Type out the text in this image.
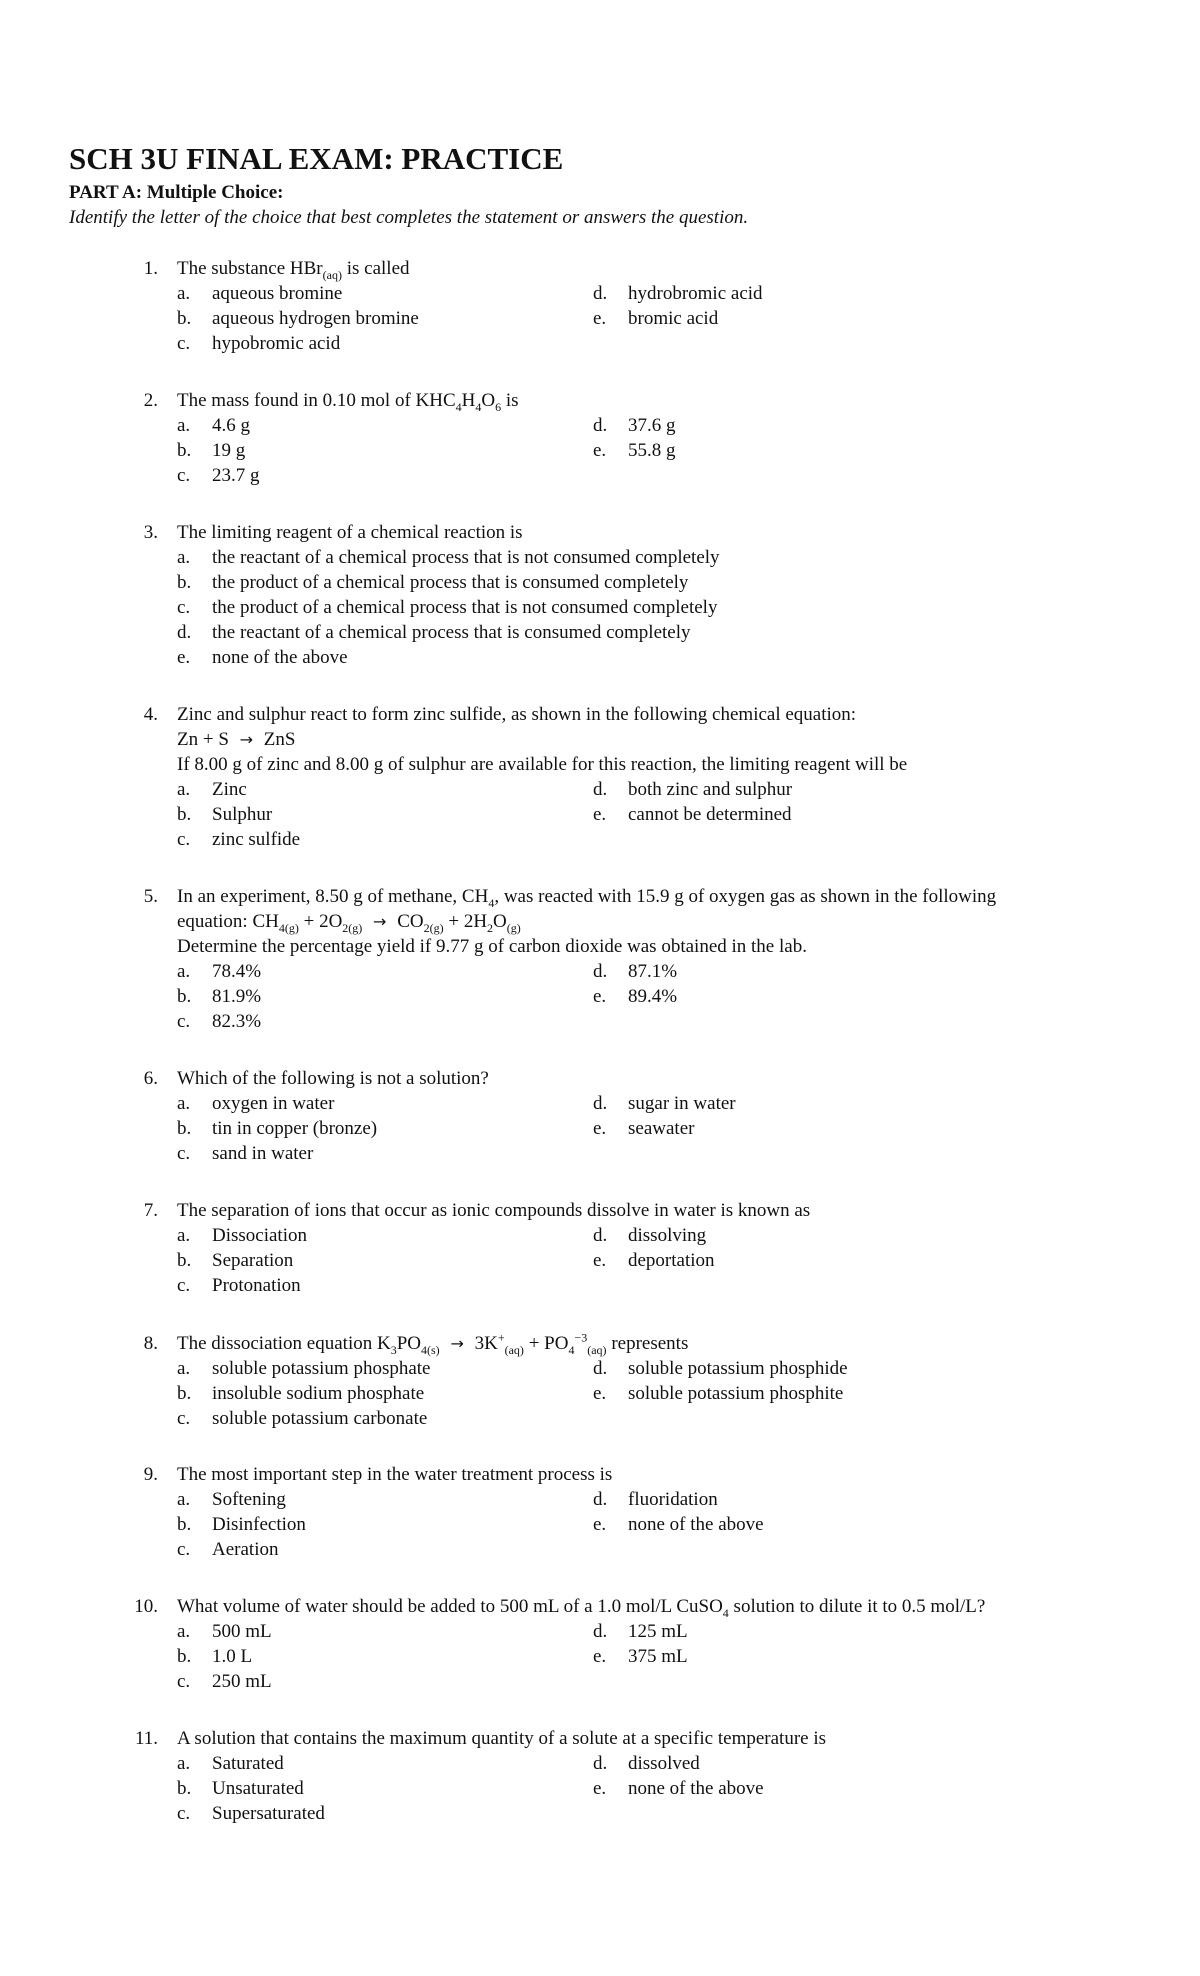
SCH 3U FINAL EXAM: PRACTICE
PART A: Multiple Choice:
Identify the letter of the choice that best completes the statement or answers the question.
1. The substance HBr$_{(aq)}$ is called
a. aqueous bromine
b. aqueous hydrogen bromine
c. hypobromic acid
d. hydrobromic acid
e. bromic acid
2. The mass found in 0.10 mol of $KHC_4H_4O_6$ is
a. 4.6 g
b. 19 g
c. 23.7 g
d. 37.6 g
e. 55.8 g
3. The limiting reagent of a chemical reaction is
a. the reactant of a chemical process that is not consumed completely
b. the product of a chemical process that is consumed completely
c. the product of a chemical process that is not consumed completely
d. the reactant of a chemical process that is consumed completely
e. none of the above
4. Zinc and sulphur react to form zinc sulfide, as shown in the following chemical equation:
Zn + S → ZnS
If 8.00 g of zinc and 8.00 g of sulphur are available for this reaction, the limiting reagent will be
a. Zinc
b. Sulphur
c. zinc sulfide
d. both zinc and sulphur
e. cannot be determined
5. In an experiment, 8.50 g of methane, $CH_4$, was reacted with 15.9 g of oxygen gas as shown in the following
equation: $CH_{4(g)} + 2O_{2(g)} \to CO_{2(g)} + 2H_2O_{(g)}$
Determine the percentage yield if 9.77 g of carbon dioxide was obtained in the lab.
a. 78.4%
b. 81.9%
c. 82.3%
d. 87.1%
e. 89.4%
6. Which of the following is not a solution?
a. oxygen in water
b. tin in copper (bronze)
c. sand in water
d. sugar in water
e. seawater
7. The separation of ions that occur as ionic compounds dissolve in water is known as
a. Dissociation
b. Separation
c. Protonation
d. dissolving
e. deportation
8. The dissociation equation $K_3PO_{4(s)} \to 3K^+_{(aq)} + PO_4^{-3}_{(aq)}$ represents
a. soluble potassium phosphate
b. insoluble sodium phosphate
c. soluble potassium carbonate
d. soluble potassium phosphide
e. soluble potassium phosphite
9. The most important step in the water treatment process is
a. Softening
b. Disinfection
c. Aeration
d. fluoridation
e. none of the above
10. What volume of water should be added to 500 mL of a 1.0 mol/L CuSO$_4$ solution to dilute it to 0.5 mol/L?
a. 500 mL
b. 1.0 L
c. 250 mL
d. 125 mL
e. 375 mL
11. A solution that contains the maximum quantity of a solute at a specific temperature is
a. Saturated
b. Unsaturated
c. Supersaturated
d. dissolved
e. none of the above
